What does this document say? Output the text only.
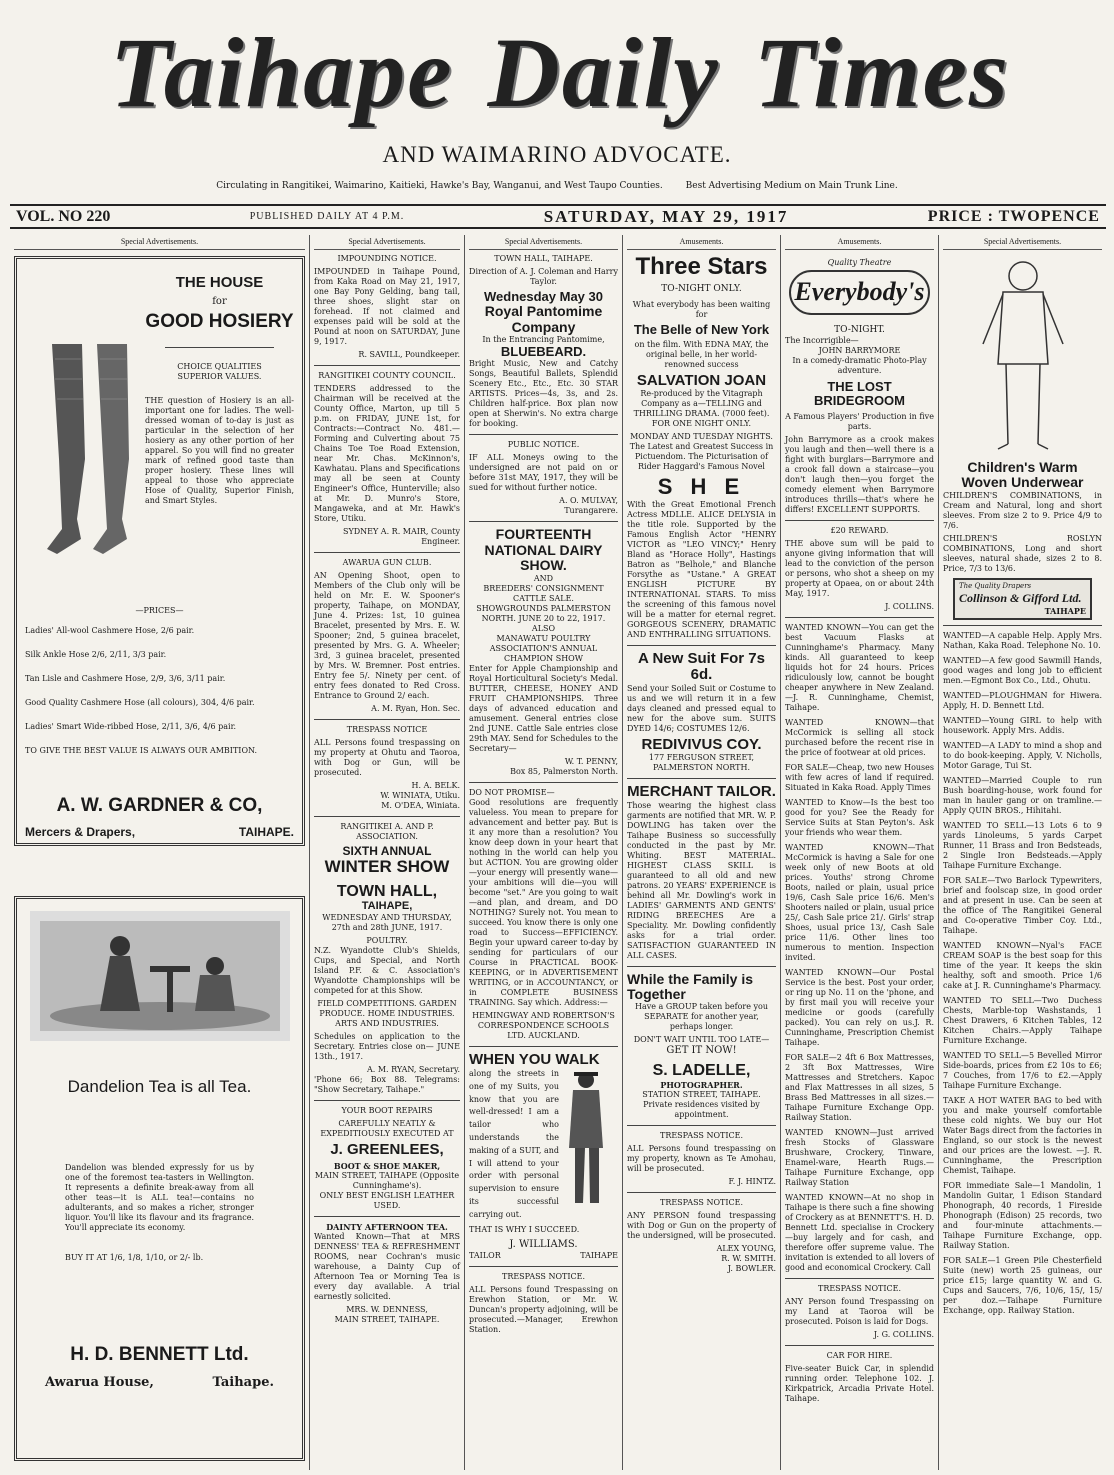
Taihape Daily Times
AND WAIMARINO ADVOCATE.
Circulating in Rangitikei, Waimarino, Kaitieki, Hawke's Bay, Wanganui, and West Taupo Counties.	Best Advertising Medium on Main Trunk Line.
VOL. NO 220	PUBLISHED DAILY AT 4 P.M.	SATURDAY, MAY 29, 1917	PRICE : TWOPENCE
Special Advertisements.
THE HOUSE
for
GOOD HOSIERY
CHOICE QUALITIES
SUPERIOR VALUES.

THE question of Hosiery is an all-important one for ladies. The well-dressed woman of to-day is just as particular in the selection of her hosiery as any other portion of her apparel. So you will find no greater mark of refined good taste than proper hosiery. These lines will appeal to those who appreciate Hose of Quality, Superior Finish, and Smart Styles.

—PRICES—
Ladies' All-wool Cashmere Hose, 2/6 pair.
Silk Ankle Hose 2/6, 2/11, 3/3 pair.
Tan Lisle and Cashmere Hose, 2/9, 3/6, 3/11 pair.
Good Quality Cashmere Hose (all colours), 304, 4/6 pair.
Ladies' Smart Wide-ribbed Hose, 2/11, 3/6, 4/6 pair.
TO GIVE THE BEST VALUE IS ALWAYS OUR AMBITION.
A. W. GARDNER & CO,
Mercers & Drapers,	TAIHAPE.
Dandelion Tea is all Tea.

Dandelion was blended expressly for us by one of the foremost tea-tasters in Wellington. It represents a definite break-away from all other teas—it is ALL tea!—contains no adulterants, and so makes a richer, stronger liquor. You'll like its flavour and its fragrance. You'll appreciate its economy.

BUY IT AT 1/6, 1/8, 1/10, or 2/- lb.
H. D. BENNETT Ltd.
Awarua House,	Taihape.
Special Advertisements.
IMPOUNDING NOTICE.

IMPOUNDED in Taihape Pound, from Kaka Road on May 21, 1917, one Bay Pony Gelding, bang tail, three shoes, slight star on forehead. If not claimed and expenses paid will be sold at the Pound at noon on SATURDAY, June 9, 1917.

R. SAVILL, Poundkeeper.
RANGITIKEI COUNTY COUNCIL.

TENDERS addressed to the Chairman will be received at the County Office, Marton, up till 5 p.m. on FRIDAY, JUNE 1st, for Contracts:—Contract No. 481.—Forming and Culverting about 75 Chains Toe Toe Road Extension, near Mr. Chas. McKinnon's, Kawhatau. Plans and Specifications may all be seen at County Engineer's Office, Hunterville; also at Mr. D. Munro's Store, Mangaweka, and at Mr. Hawk's Store, Utiku.

SYDNEY A. R. MAIR, County Engineer.
AWARUA GUN CLUB.

AN Opening Shoot, open to Members of the Club only will be held on Mr. E. W. Spooner's property, Taihape, on MONDAY, June 4. Prizes: 1st, 10 guinea Bracelet, presented by Mrs. E. W. Spooner; 2nd, 5 guinea bracelet, presented by Mrs. G. A. Wheeler; 3rd, 3 guinea bracelet, presented by Mrs. W. Bremner. Post entries. Entry fee 5/. Ninety per cent. of entry fees donated to Red Cross. Entrance to Ground 2/ each.

A. M. Ryan, Hon. Sec.
TRESPASS NOTICE

ALL Persons found trespassing on my property at Ohutu and Taoroa, with Dog or Gun, will be prosecuted.

H. A. BELK.
W. WINIATA, Utiku.
M. O'DEA, Winiata.
RANGITIKEI A. AND P. ASSOCIATION.
SIXTH ANNUAL
WINTER SHOW
TOWN HALL,
TAIHAPE,

WEDNESDAY AND THURSDAY, 27th and 28th JUNE, 1917.

POULTRY.

N.Z. Wyandotte Club's Shields, Cups, and Special, and North Island P.F. & C. Association's Wyandotte Championships will be competed for at this Show.

FIELD COMPETITIONS. GARDEN PRODUCE. HOME INDUSTRIES. ARTS AND INDUSTRIES.

Schedules on application to the Secretary. Entries close on— JUNE 13th., 1917.

A. M. RYAN, Secretary.

'Phone 66; Box 88. Telegrams: "Show Secretary, Taihape."

YOUR BOOT REPAIRS
CAREFULLY NEATLY & EXPEDITIOUSLY EXECUTED AT
J. GREENLEES,
BOOT & SHOE MAKER,
MAIN STREET, TAIHAPE (Opposite Cunninghame's).
ONLY BEST ENGLISH LEATHER USED.
DAINTY AFTERNOON TEA.

Wanted Known—That at MRS DENNESS' TEA & REFRESHMENT ROOMS, near Cochran's music warehouse, a Dainty Cup of Afternoon Tea or Morning Tea is every day available. A trial earnestly solicited.

MRS. W. DENNESS,
MAIN STREET, TAIHAPE.
Special Advertisements.
TOWN HALL, TAIHAPE.

Direction of A. J. Coleman and Harry Taylor.

Wednesday May 30
Royal Pantomime
Company
In the Entrancing Pantomime,
BLUEBEARD.

Bright Music, New and Catchy Songs, Beautiful Ballets, Splendid Scenery Etc., Etc., Etc. 30 STAR ARTISTS. Prices—4s, 3s, and 2s. Children half-price. Box plan now open at Sherwin's. No extra charge for booking.

PUBLIC NOTICE.

IF ALL Moneys owing to the undersigned are not paid on or before 31st MAY, 1917, they will be sued for without further notice.

A. O. MULVAY,
Turangarere.
FOURTEENTH
NATIONAL DAIRY
SHOW.
AND
BREEDERS' CONSIGNMENT CATTLE SALE.
SHOWGROUNDS PALMERSTON NORTH. JUNE 20 to 22, 1917.
ALSO
MANAWATU POULTRY ASSOCIATION'S ANNUAL CHAMPION SHOW

Enter for Apple Championship and Royal Horticultural Society's Medal. BUTTER, CHEESE, HONEY AND FRUIT CHAMPIONSHIPS. Three days of advanced education and amusement. General entries close 2nd JUNE. Cattle Sale entries close 29th MAY. Send for Schedules to the Secretary—

W. T. PENNY,
Box 85, Palmerston North.
DO NOT PROMISE—

Good resolutions are frequently valueless. You mean to prepare for advancement and better pay. But is it any more than a resolution? You know deep down in your heart that nothing in the world can help you but ACTION. You are growing older—your energy will presently wane—your ambitions will die—you will become "set." Are you going to wait—and plan, and dream, and DO NOTHING? Surely not. You mean to succeed. You know there is only one road to Success—EFFICIENCY. Begin your upward career to-day by sending for particulars of our Course in PRACTICAL BOOK-KEEPING, or in ADVERTISEMENT WRITING, or in ACCOUNTANCY, or in COMPLETE BUSINESS TRAINING. Say which. Address:—

HEMINGWAY AND ROBERTSON'S CORRESPONDENCE SCHOOLS LTD. AUCKLAND.
WHEN YOU WALK

along the streets in one of my Suits, you know that you are well-dressed! I am a tailor who understands the making of a SUIT, and I will attend to your order with personal supervision to ensure its successful carrying out.

THAT IS WHY I SUCCEED.
J. WILLIAMS.
TAILOR	TAIHAPE
TRESPASS NOTICE.

ALL Persons found Trespassing on Erewhon Station, or Mr. W. Duncan's property adjoining, will be prosecuted.—Manager, Erewhon Station.

Amusements.
Three Stars
TO-NIGHT ONLY.
What everybody has been waiting for
The Belle of New York

on the film. With EDNA MAY, the original belle, in her world-renowned success

SALVATION JOAN

Re-produced by the Vitagraph Company as a—TELLING and THRILLING DRAMA. (7000 feet). FOR ONE NIGHT ONLY.

MONDAY AND TUESDAY NIGHTS. The Latest and Greatest Success in Pictuendom. The Picturisation of Rider Haggard's Famous Novel

S H E

With the Great Emotional French Actress MDLLE. ALICE DELYSIA in the title role. Supported by the Famous English Actor "HENRY VICTOR as "LEO VINCY;" Henry Bland as "Horace Holly", Hastings Batron as "Belhole," and Blanche Forsythe as "Ustane." A GREAT ENGLISH PICTURE BY INTERNATIONAL STARS. To miss the screening of this famous novel will be a matter for eternal regret. GORGEOUS SCENERY, DRAMATIC AND ENTHRALLING SITUATIONS.

A New Suit For 7s 6d.

Send your Soiled Suit or Costume to us and we will return it in a few days cleaned and pressed equal to new for the above sum. SUITS DYED 14/6; COSTUMES 12/6.

REDIVIVUS COY.
177 FERGUSON STREET, PALMERSTON NORTH.
MERCHANT TAILOR.

Those wearing the highest class garments are notified that MR. W. P. DOWLING has taken over the Taihape Business so successfully conducted in the past by Mr. Whiting. BEST MATERIAL. HIGHEST CLASS SKILL is guaranteed to all old and new patrons. 20 YEARS' EXPERIENCE is behind all Mr. Dowling's work in LADIES' GARMENTS AND GENTS' RIDING BREECHES Are a Speciality. Mr. Dowling confidently asks for a trial order. SATISFACTION GUARANTEED IN ALL CASES.

While the Family is Together

Have a GROUP taken before you SEPARATE for another year, perhaps longer.

DON'T WAIT UNTIL TOO LATE—
GET IT NOW!
S. LADELLE,
PHOTOGRAPHER.
STATION STREET, TAIHAPE. Private residences visited by appointment.
TRESPASS NOTICE.

ALL Persons found trespassing on my property, known as Te Amohau, will be prosecuted.

F. J. HINTZ.
TRESPASS NOTICE.

ANY PERSON found trespassing with Dog or Gun on the property of the undersigned, will be prosecuted.

ALEX YOUNG,
R. W. SMITH.
J. BOWLER.
Amusements.
Quality Theatre
Everybody's
TO-NIGHT.
The Incorrigible—
JOHN BARRYMORE

In a comedy-dramatic Photo-Play adventure.

THE LOST BRIDEGROOM

A Famous Players' Production in five parts.

John Barrymore as a crook makes you laugh and then—well there is a fight with burglars—Barrymore and a crook fall down a staircase—you don't laugh then—you forget the comedy element when Barrymore introduces thrills—that's where he differs! EXCELLENT SUPPORTS.

£20 REWARD.

THE above sum will be paid to anyone giving information that will lead to the conviction of the person or persons, who shot a sheep on my property at Opaea, on or about 24th May, 1917.

J. COLLINS.

WANTED KNOWN—You can get the best Vacuum Flasks at Cunninghame's Pharmacy. Many kinds. All guaranteed to keep liquids hot for 24 hours. Prices ridiculously low, cannot be bought cheaper anywhere in New Zealand.—J. R. Cunninghame, Chemist, Taihape.

WANTED KNOWN—that McCormick is selling all stock purchased before the recent rise in the price of footwear at old prices.

FOR SALE—Cheap, two new Houses with few acres of land if required. Situated in Kaka Road. Apply Times

WANTED to Know—Is the best too good for you? See the Ready for Service Suits at Stan Peyton's. Ask your friends who wear them.

WANTED KNOWN—That McCormick is having a Sale for one week only of new Boots at old prices. Youths' strong Chrome Boots, nailed or plain, usual price 19/6, Cash Sale price 16/6. Men's Shooters nailed or plain, usual price 25/, Cash Sale price 21/. Girls' strap Shoes, usual price 13/, Cash Sale price 11/6. Other lines too numerous to mention. Inspection invited.

WANTED KNOWN—Our Postal Service is the best. Post your order, or ring up No. 11 on the 'phone, and by first mail you will receive your medicine or goods (carefully packed). You can rely on us.J. R. Cunninghame, Prescription Chemist Taihape.

FOR SALE—2 4ft 6 Box Mattresses, 2 3ft Box Mattresses, Wire Mattresses and Stretchers. Kapoc and Flax Mattresses in all sizes, 5 Brass Bed Mattresses in all sizes.—Taihape Furniture Exchange Opp. Railway Station.

WANTED KNOWN—Just arrived fresh Stocks of Glassware Brushware, Crockery, Tinware, Enamel-ware, Hearth Rugs.—Taihape Furniture Exchange, opp Railway Station

WANTED KNOWN—At no shop in Taihape is there such a fine showing of Crockery as at BENNETT'S. H. D. Bennett Ltd. specialise in Crockery—buy largely and for cash, and therefore offer supreme value. The invitation is extended to all lovers of good and economical Crockery. Call

TRESPASS NOTICE.

ANY Person found Trespassing on my Land at Taoroa will be prosecuted. Poison is laid for Dogs.

J. G. COLLINS.
CAR FOR HIRE.

Five-seater Buick Car, in splendid running order. Telephone 102. J. Kirkpatrick, Arcadia Private Hotel. Taihape.

Special Advertisements.
Children's Warm Woven Underwear

CHILDREN'S COMBINATIONS, in Cream and Natural, long and short sleeves. From size 2 to 9. Price 4/9 to 7/6.

CHILDREN'S ROSLYN COMBINATIONS, Long and short sleeves, natural shade, sizes 2 to 8. Price, 7/3 to 13/6.

The Quality Drapers
Collinson & Gifford Ltd.
TAIHAPE

WANTED—A capable Help. Apply Mrs. Nathan, Kaka Road. Telephone No. 10.

WANTED—A few good Sawmill Hands, good wages and long job to efficient men.—Egmont Box Co., Ltd., Ohutu.

WANTED—PLOUGHMAN for Hiwera. Apply, H. D. Bennett Ltd.

WANTED—Young GIRL to help with housework. Apply Mrs. Addis.

WANTED—A LADY to mind a shop and to do book-keeping. Apply, V. Nicholls, Motor Garage, Tui St.

WANTED—Married Couple to run Bush boarding-house, work found for man in hauler gang or on tramline.—Apply QUIN BROS., Hihitahi.

WANTED TO SELL—13 Lots 6 to 9 yards Linoleums, 5 yards Carpet Runner, 11 Brass and Iron Bedsteads, 2 Single Iron Bedsteads.—Apply Taihape Furniture Exchange.

FOR SALE—Two Barlock Typewriters, brief and foolscap size, in good order and at present in use. Can be seen at the office of The Rangitikei General and Co-operative Timber Coy. Ltd., Taihape.

WANTED KNOWN—Nyal's FACE CREAM SOAP is the best soap for this time of the year. It keeps the skin healthy, soft and smooth. Price 1/6 cake at J. R. Cunninghame's Pharmacy.

WANTED TO SELL—Two Duchess Chests, Marble-top Washstands, 1 Chest Drawers, 6 Kitchen Tables, 12 Kitchen Chairs.—Apply Taihape Furniture Exchange.

WANTED TO SELL—5 Bevelled Mirror Side-boards, prices from £2 10s to £6; 7 Couches, from 17/6 to £2.—Apply Taihape Furniture Exchange.

TAKE A HOT WATER BAG to bed with you and make yourself comfortable these cold nights. We buy our Hot Water Bags direct from the factories in England, so our stock is the newest and our prices are the lowest. —J. R. Cunninghame, the Prescription Chemist, Taihape.

FOR immediate Sale—1 Mandolin, 1 Mandolin Guitar, 1 Edison Standard Phonograph, 40 records, 1 Fireside Phonograph (Edison) 25 records, two and four-minute attachments.—Taihape Furniture Exchange, opp. Railway Station.

FOR SALE—1 Green Pile Chesterfield Suite (new) worth 25 guineas, our price £15; large quantity W. and G. Cups and Saucers, 7/6, 10/6, 15/, 15/ per doz.—Taihape Furniture Exchange, opp. Railway Station.
